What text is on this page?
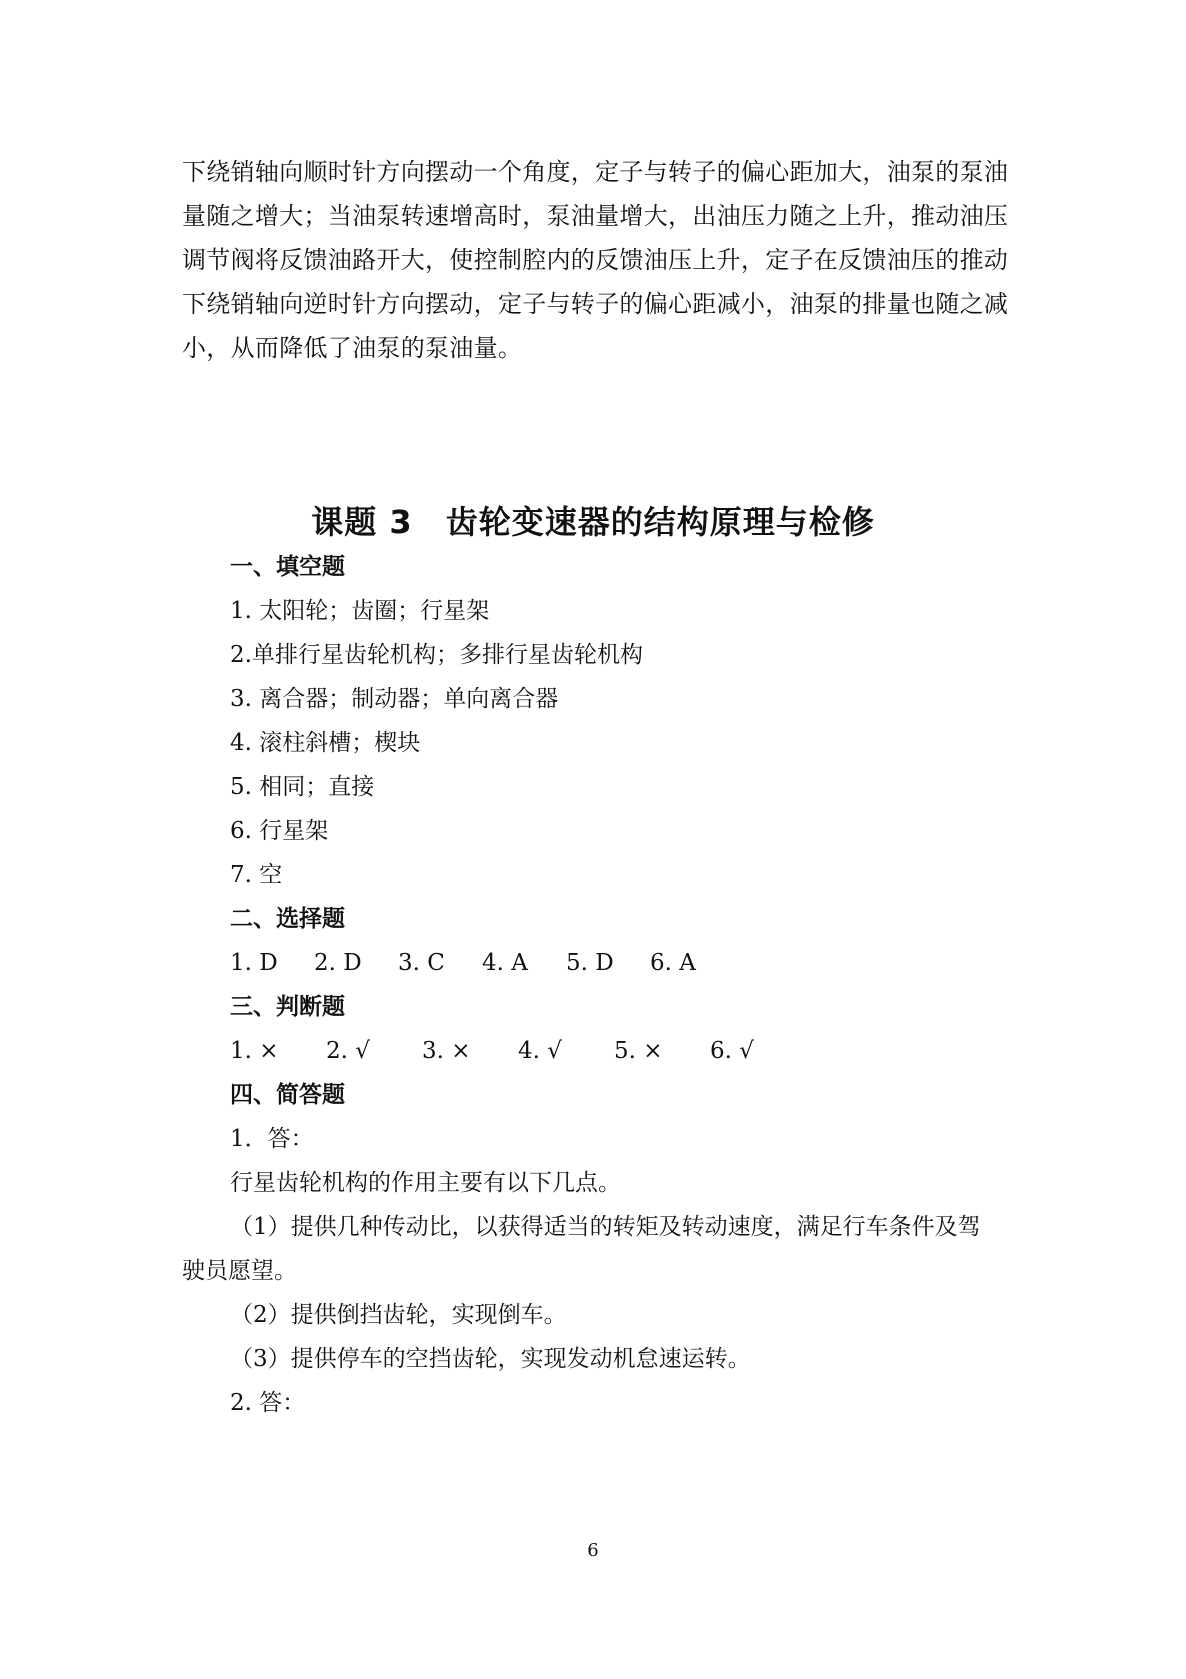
下绕销轴向顺时针方向摆动一个角度，定子与转子的偏心距加大，油泵的泵油
量随之增大；当油泵转速增高时，泵油量增大，出油压力随之上升，推动油压
调节阀将反馈油路开大，使控制腔内的反馈油压上升，定子在反馈油压的推动
下绕销轴向逆时针方向摆动，定子与转子的偏心距减小，油泵的排量也随之减
小，从而降低了油泵的泵油量。
课题 3　齿轮变速器的结构原理与检修
一、填空题
1. 太阳轮；齿圈；行星架
2.单排行星齿轮机构；多排行星齿轮机构
3. 离合器；制动器；单向离合器
4. 滚柱斜槽；楔块
5. 相同；直接
6. 行星架
7. 空
二、选择题
1. D	2. D	3. C	4. A	5. D	6. A
三、判断题
1. ×	2. √	3. ×	4. √	5. ×	6. √
四、简答题
1．答：
行星齿轮机构的作用主要有以下几点。
（1）提供几种传动比，以获得适当的转矩及转动速度，满足行车条件及驾
驶员愿望。
（2）提供倒挡齿轮，实现倒车。
（3）提供停车的空挡齿轮，实现发动机怠速运转。
2. 答：
6
